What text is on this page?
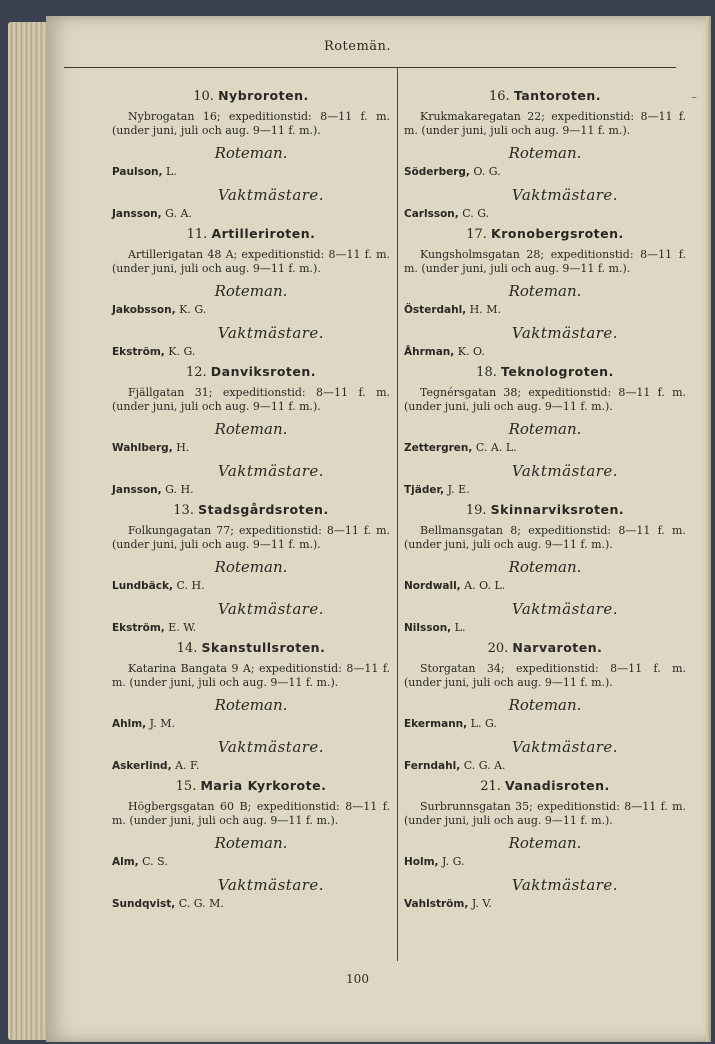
Rotemän.
–
10. Nybroroten.

Nybrogatan 16; expeditionstid: 8—11 f. m. (under juni, juli och aug. 9—11 f. m.).

Roteman.
Paulson, L.
Vaktmästare.
Jansson, G. A.
11. Artilleriroten.

Artillerigatan 48 A; expeditionstid: 8—11 f. m. (under juni, juli och aug. 9—11 f. m.).

Roteman.
Jakobsson, K. G.
Vaktmästare.
Ekström, K. G.
12. Danviksroten.

Fjällgatan 31; expeditionstid: 8—11 f. m. (under juni, juli och aug. 9—11 f. m.).

Roteman.
Wahlberg, H.
Vaktmästare.
Jansson, G. H.
13. Stadsgårdsroten.

Folkungagatan 77; expeditionstid: 8—11 f. m. (under juni, juli och aug. 9—11 f. m.).

Roteman.
Lundbäck, C. H.
Vaktmästare.
Ekström, E. W.
14. Skanstullsroten.

Katarina Bangata 9 A; expeditionstid: 8—11 f. m. (under juni, juli och aug. 9—11 f. m.).

Roteman.
Ahlm, J. M.
Vaktmästare.
Askerlind, A. F.
15. Maria Kyrkorote.

Högbergsgatan 60 B; expeditionstid: 8—11 f. m. (under juni, juli och aug. 9—11 f. m.).

Roteman.
Alm, C. S.
Vaktmästare.
Sundqvist, C. G. M.
16. Tantoroten.

Krukmakaregatan 22; expeditionstid: 8—11 f. m. (under juni, juli och aug. 9—11 f. m.).

Roteman.
Söderberg, O. G.
Vaktmästare.
Carlsson, C. G.
17. Kronobergsroten.

Kungsholmsgatan 28; expeditionstid: 8—11 f. m. (under juni, juli och aug. 9—11 f. m.).

Roteman.
Österdahl, H. M.
Vaktmästare.
Åhrman, K. O.
18. Teknologroten.

Tegnérsgatan 38; expeditionstid: 8—11 f. m. (under juni, juli och aug. 9—11 f. m.).

Roteman.
Zettergren, C. A. L.
Vaktmästare.
Tjäder, J. E.
19. Skinnarviksroten.

Bellmansgatan 8; expeditionstid: 8—11 f. m. (under juni, juli och aug. 9—11 f. m.).

Roteman.
Nordwall, A. O. L.
Vaktmästare.
Nilsson, L.
20. Narvaroten.

Storgatan 34; expeditionstid: 8—11 f. m. (under juni, juli och aug. 9—11 f. m.).

Roteman.
Ekermann, L. G.
Vaktmästare.
Ferndahl, C. G. A.
21. Vanadisroten.

Surbrunnsgatan 35; expeditionstid: 8—11 f. m. (under juni, juli och aug. 9—11 f. m.).

Roteman.
Holm, J. G.
Vaktmästare.
Vahlström, J. V.
100
